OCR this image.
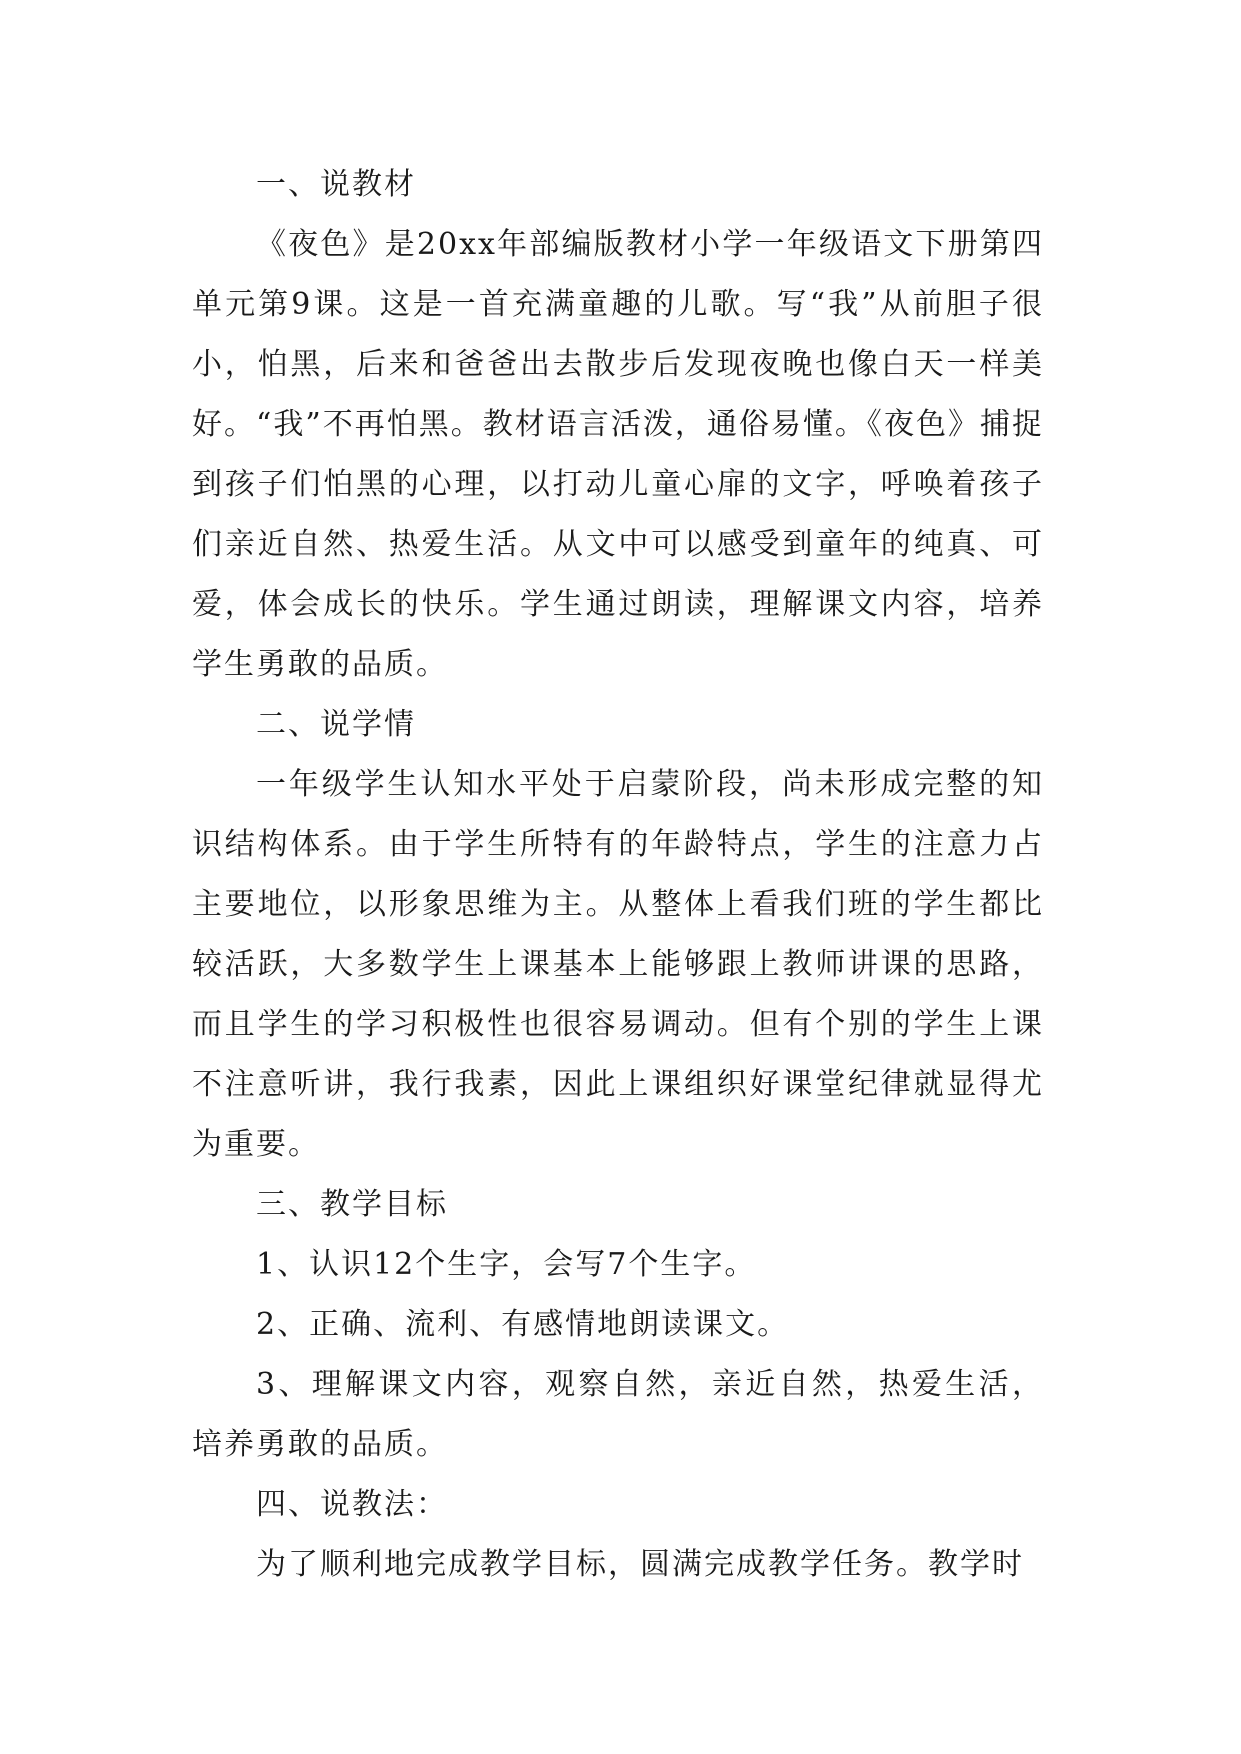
一、说教材

《夜色》是20xx年部编版教材小学一年级语文下册第四单元第9课。这是一首充满童趣的儿歌。写“我”从前胆子很小，怕黑，后来和爸爸出去散步后发现夜晚也像白天一样美好。“我”不再怕黑。教材语言活泼，通俗易懂。《夜色》捕捉到孩子们怕黑的心理，以打动儿童心扉的文字，呼唤着孩子们亲近自然、热爱生活。从文中可以感受到童年的纯真、可爱，体会成长的快乐。学生通过朗读，理解课文内容，培养学生勇敢的品质。

二、说学情

一年级学生认知水平处于启蒙阶段，尚未形成完整的知识结构体系。由于学生所特有的年龄特点，学生的注意力占主要地位，以形象思维为主。从整体上看我们班的学生都比较活跃，大多数学生上课基本上能够跟上教师讲课的思路，而且学生的学习积极性也很容易调动。但有个别的学生上课不注意听讲，我行我素，因此上课组织好课堂纪律就显得尤为重要。

三、教学目标

1、认识12个生字，会写7个生字。

2、正确、流利、有感情地朗读课文。

3、理解课文内容，观察自然，亲近自然，热爱生活，培养勇敢的品质。

四、说教法：

为了顺利地完成教学目标，圆满完成教学任务。教学时
